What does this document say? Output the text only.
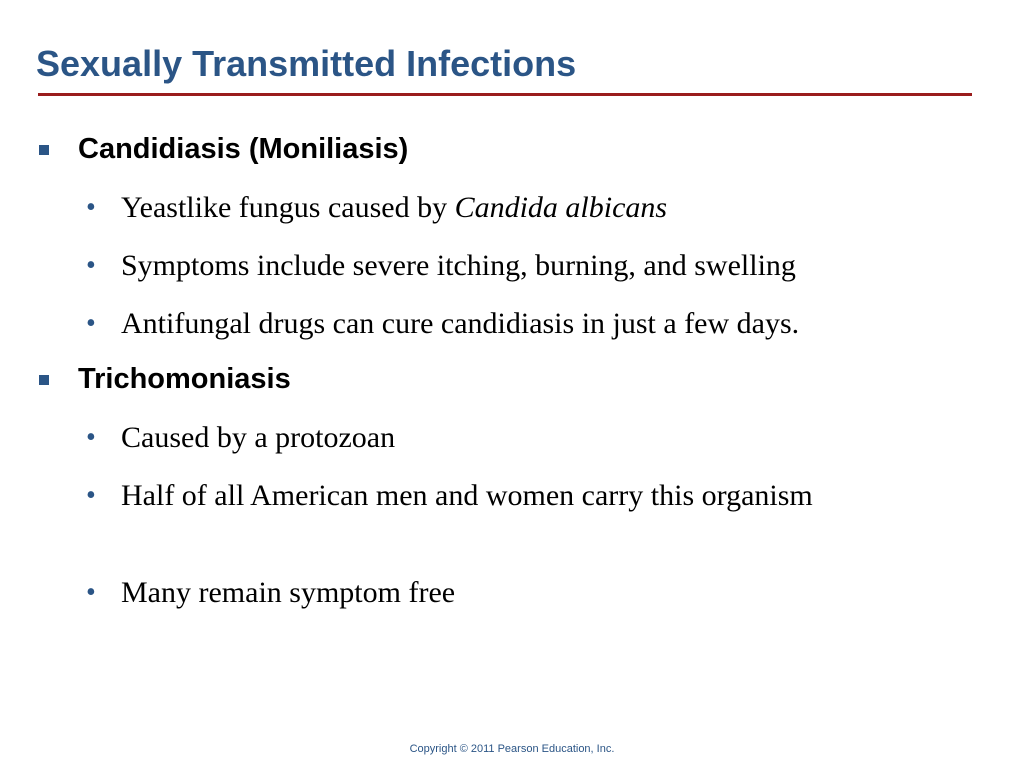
Sexually Transmitted Infections
Candidiasis (Moniliasis)
• Yeastlike fungus caused by Candida albicans
• Symptoms include severe itching, burning, and swelling
• Antifungal drugs can cure candidiasis in just a few days.
Trichomoniasis
• Caused by a protozoan
• Half of all American men and women carry this organism
• Many remain symptom free
Copyright © 2011 Pearson Education, Inc.
